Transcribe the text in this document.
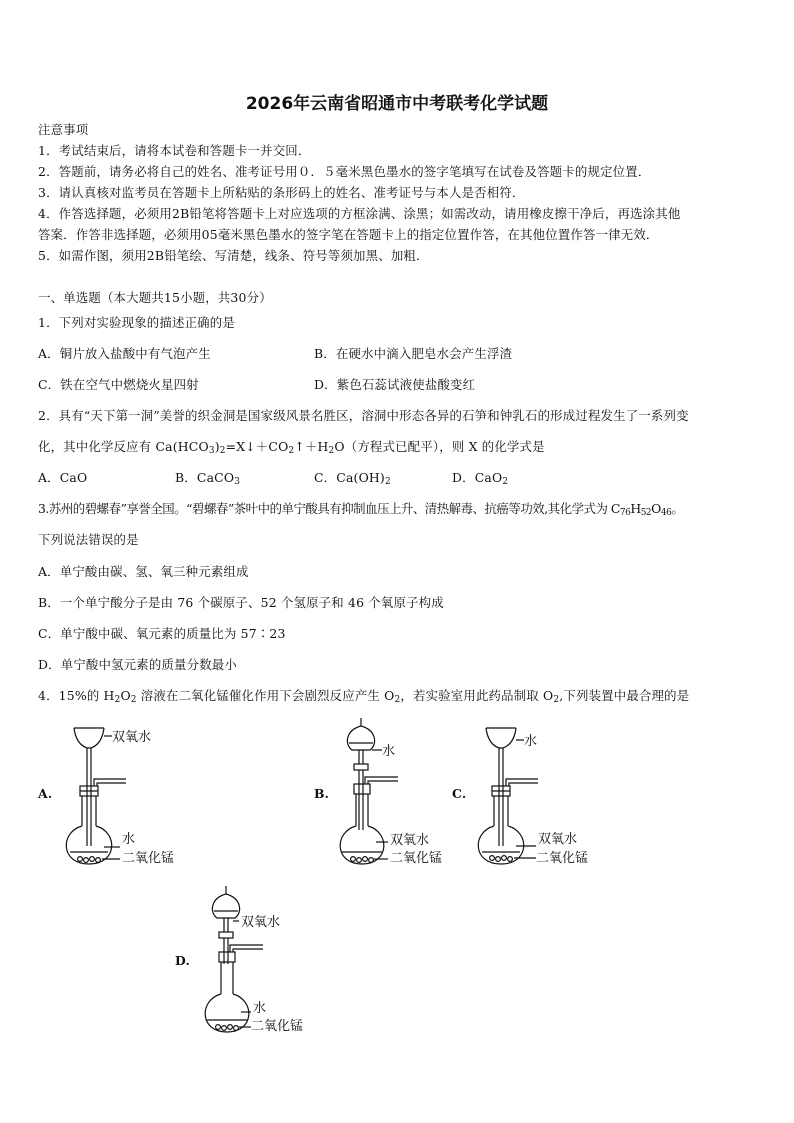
2026年云南省昭通市中考联考化学试题
注意事项
1．考试结束后，请将本试卷和答题卡一并交回．
2．答题前，请务必将自己的姓名、准考证号用０．５毫米黑色墨水的签字笔填写在试卷及答题卡的规定位置．
3．请认真核对监考员在答题卡上所粘贴的条形码上的姓名、准考证号与本人是否相符．
4．作答选择题，必须用2B铅笔将答题卡上对应选项的方框涂满、涂黑；如需改动，请用橡皮擦干净后，再选涂其他
答案．作答非选择题，必须用05毫米黑色墨水的签字笔在答题卡上的指定位置作答，在其他位置作答一律无效．
5．如需作图，须用2B铅笔绘、写清楚，线条、符号等须加黑、加粗．
一、单选题（本大题共15小题，共30分）
1．下列对实验现象的描述正确的是
A．铜片放入盐酸中有气泡产生	B．在硬水中滴入肥皂水会产生浮渣
C．铁在空气中燃烧火星四射	D．紫色石蕊试液使盐酸变红
2．具有“天下第一洞”美誉的织金洞是国家级风景名胜区，溶洞中形态各异的石笋和钟乳石的形成过程发生了一系列变
化，其中化学反应有 $Ca(HCO_3)_2=X↓+CO_2↑+H_2O$（方程式已配平），则 X 的化学式是
A．CaO	B．CaCO$_3$	C．$Ca(OH)_2$	D．CaO$_2$
3.苏州的碧螺春”享誉全国。“碧螺春”茶叶中的单宁酸具有抑制血压上升、清热解毒、抗癌等功效,其化学式为 $C_{76}H_{52}O_{46}$。
下列说法错误的是
A．单宁酸由碳、氢、氧三种元素组成
B．一个单宁酸分子是由 76 个碳原子、52 个氢原子和 46 个氧原子构成
C．单宁酸中碳、氧元素的质量比为 57∶23
D．单宁酸中氢元素的质量分数最小
4．15%的 $H_2O_2$ 溶液在二氧化锰催化作用下会剧烈反应产生 $O_2$，若实验室用此药品制取 $O_2$,下列装置中最合理的是
A.	B.	C.
D.
双氧水
水
二氧化锰
水
双氧水
二氧化锰
水
双氧水
二氧化锰
双氧水
水
二氧化锰
